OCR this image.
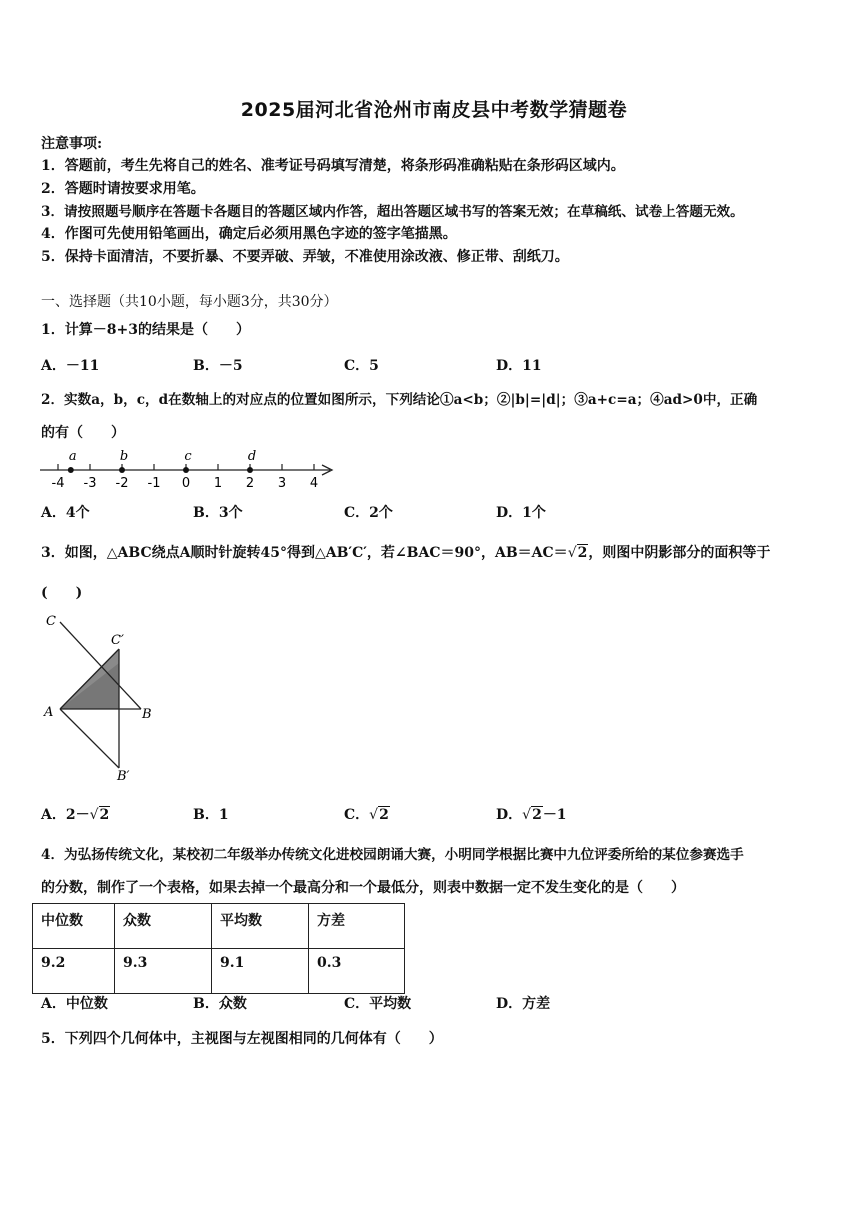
2025届河北省沧州市南皮县中考数学猜题卷
注意事项:
1．答题前，考生先将自己的姓名、准考证号码填写清楚，将条形码准确粘贴在条形码区域内。
2．答题时请按要求用笔。
3．请按照题号顺序在答题卡各题目的答题区域内作答，超出答题区域书写的答案无效；在草稿纸、试卷上答题无效。
4．作图可先使用铅笔画出，确定后必须用黑色字迹的签字笔描黑。
5．保持卡面清洁，不要折暴、不要弄破、弄皱，不准使用涂改液、修正带、刮纸刀。
一、选择题（共10小题，每小题3分，共30分）
1．计算－8+3的结果是（　　）
A．－11	B．－5	C．5	D．11
2．实数a，b，c，d在数轴上的对应点的位置如图所示，下列结论①a<b；②|b|=|d|；③a+c=a；④ad>0中，正确
的有（　　）
-4 -3 -2 -1 0 1 2 3 4
a	b	c	d
A．4个	B．3个	C．2个	D．1个
3．如图，△ABC绕点A顺时针旋转45°得到△AB′C′，若∠BAC＝90°，AB＝AC＝√2，则图中阴影部分的面积等于
(　　)
A	B
C
C′
B′
A．2－√2	B．1	C．√2	D．√2－1
4．为弘扬传统文化，某校初二年级举办传统文化进校园朗诵大赛，小明同学根据比赛中九位评委所给的某位参赛选手
的分数，制作了一个表格，如果去掉一个最高分和一个最低分，则表中数据一定不发生变化的是（　　）
中位数	众数	平均数	方差
9.2	9.3	9.1	0.3
A．中位数	B．众数	C．平均数	D．方差
5．下列四个几何体中，主视图与左视图相同的几何体有（　　）
